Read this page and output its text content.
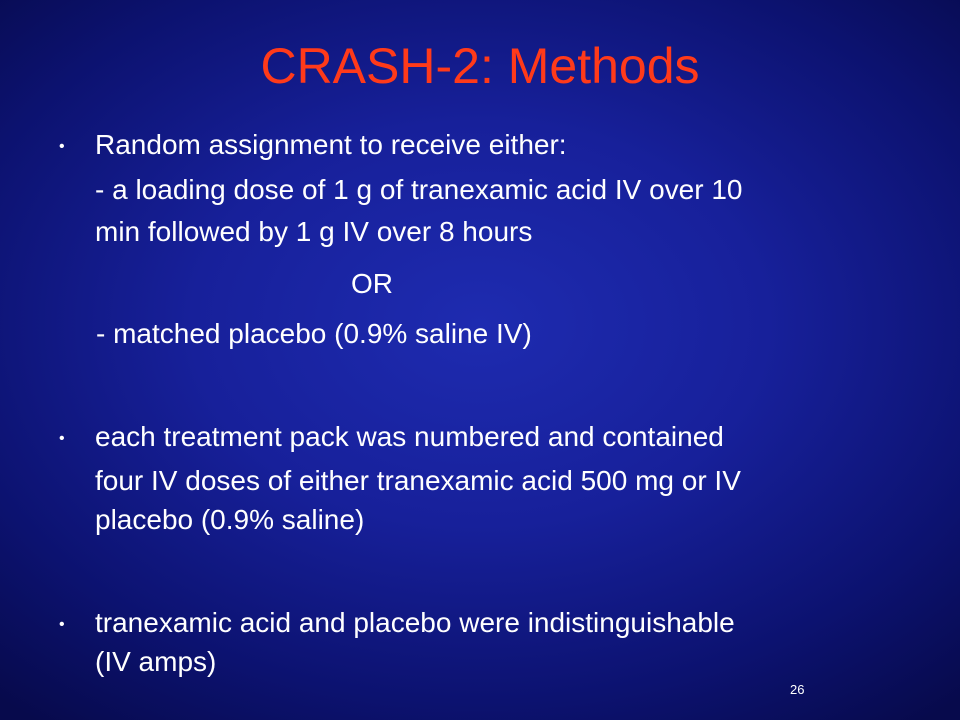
CRASH-2: Methods
• Random assignment to receive either:
- a loading dose of 1 g of tranexamic acid IV over 10
min followed by 1 g IV over 8 hours
OR
- matched placebo (0.9% saline IV)
• each treatment pack was numbered and contained
four IV doses of either tranexamic acid 500 mg or IV
placebo (0.9% saline)
• tranexamic acid and placebo were indistinguishable
(IV amps)
26
